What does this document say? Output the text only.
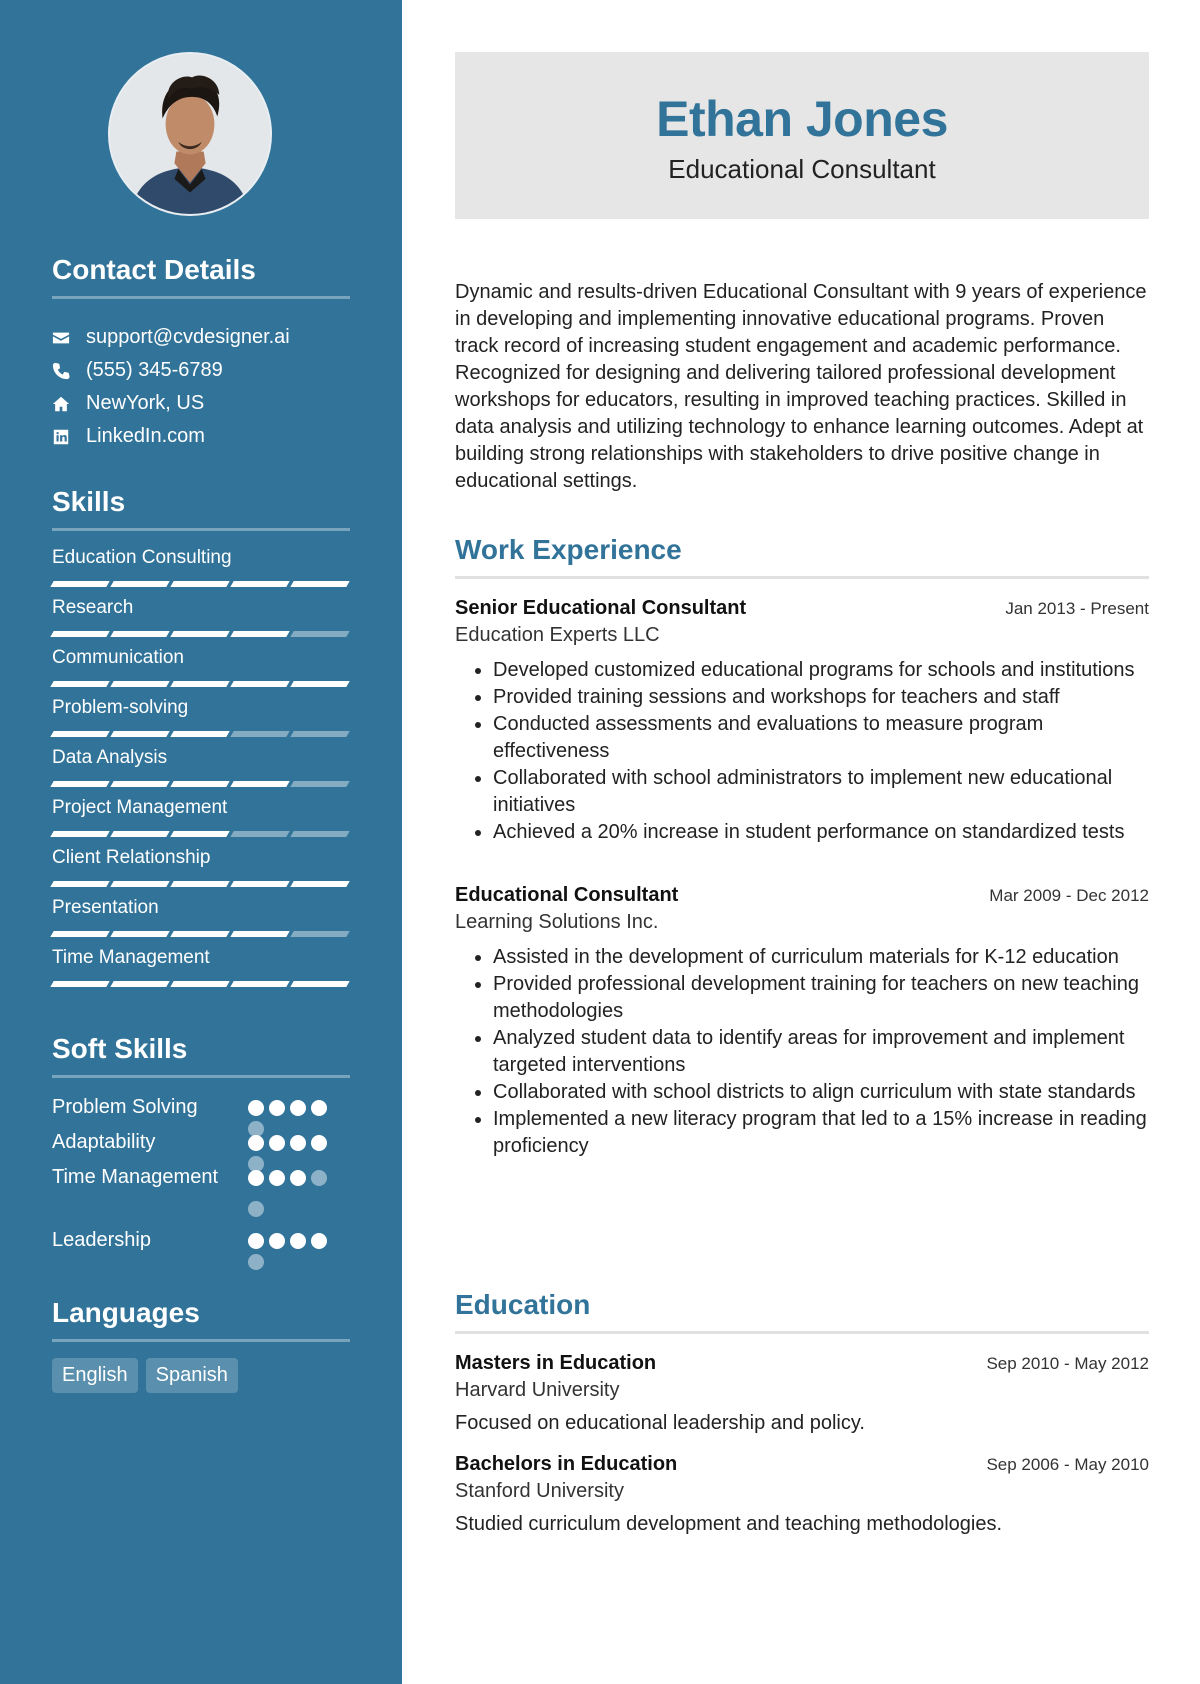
Contact Details
support@cvdesigner.ai
(555) 345-6789
NewYork, US
LinkedIn.com
Skills
Education Consulting
Research
Communication
Problem-solving
Data Analysis
Project Management
Client Relationship
Presentation
Time Management
Soft Skills
Problem Solving
Adaptability
Time Management
Leadership
Languages
English	Spanish
Ethan Jones
Educational Consultant
Dynamic and results-driven Educational Consultant with 9 years of experience in developing and implementing innovative educational programs. Proven track record of increasing student engagement and academic performance. Recognized for designing and delivering tailored professional development workshops for educators, resulting in improved teaching practices. Skilled in data analysis and utilizing technology to enhance learning outcomes. Adept at building strong relationships with stakeholders to drive positive change in educational settings.
Work Experience
Senior Educational Consultant	Jan 2013 - Present
Education Experts LLC
• Developed customized educational programs for schools and institutions
• Provided training sessions and workshops for teachers and staff
• Conducted assessments and evaluations to measure program effectiveness
• Collaborated with school administrators to implement new educational initiatives
• Achieved a 20% increase in student performance on standardized tests
Educational Consultant	Mar 2009 - Dec 2012
Learning Solutions Inc.
• Assisted in the development of curriculum materials for K-12 education
• Provided professional development training for teachers on new teaching methodologies
• Analyzed student data to identify areas for improvement and implement targeted interventions
• Collaborated with school districts to align curriculum with state standards
• Implemented a new literacy program that led to a 15% increase in reading proficiency
Education
Masters in Education	Sep 2010 - May 2012
Harvard University
Focused on educational leadership and policy.
Bachelors in Education	Sep 2006 - May 2010
Stanford University
Studied curriculum development and teaching methodologies.
